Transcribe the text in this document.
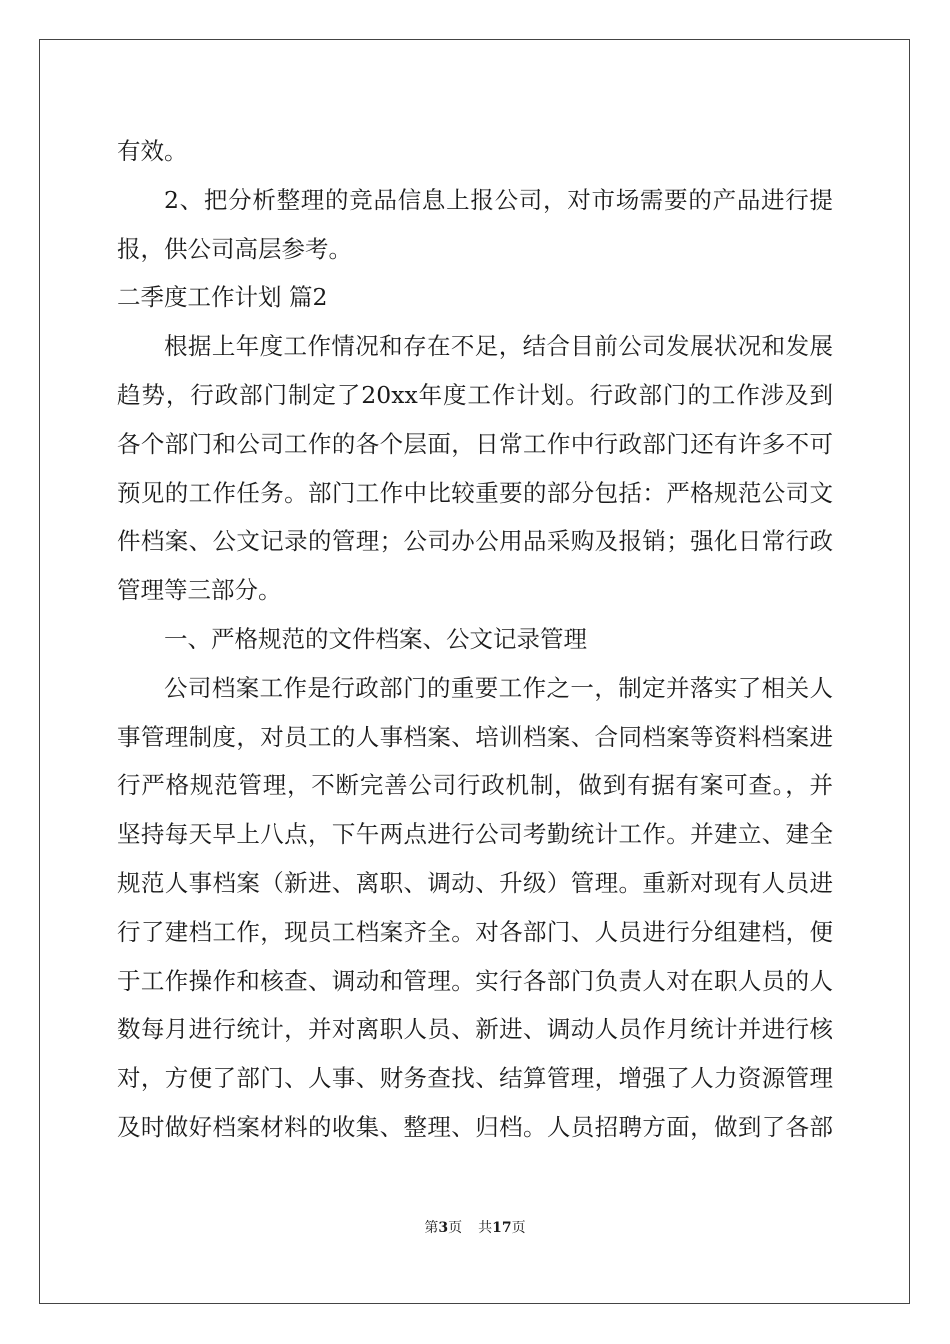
有效。
2、把分析整理的竞品信息上报公司，对市场需要的产品进行提
报，供公司高层参考。
二季度工作计划 篇2
根据上年度工作情况和存在不足，结合目前公司发展状况和发展
趋势，行政部门制定了20xx年度工作计划。行政部门的工作涉及到
各个部门和公司工作的各个层面，日常工作中行政部门还有许多不可
预见的工作任务。部门工作中比较重要的部分包括：严格规范公司文
件档案、公文记录的管理；公司办公用品采购及报销；强化日常行政
管理等三部分。
一、严格规范的文件档案、公文记录管理
公司档案工作是行政部门的重要工作之一，制定并落实了相关人
事管理制度，对员工的人事档案、培训档案、合同档案等资料档案进
行严格规范管理，不断完善公司行政机制，做到有据有案可查。，并
坚持每天早上八点，下午两点进行公司考勤统计工作。并建立、建全
规范人事档案（新进、离职、调动、升级）管理。重新对现有人员进
行了建档工作，现员工档案齐全。对各部门、人员进行分组建档，便
于工作操作和核查、调动和管理。实行各部门负责人对在职人员的人
数每月进行统计，并对离职人员、新进、调动人员作月统计并进行核
对，方便了部门、人事、财务查找、结算管理，增强了人力资源管理
及时做好档案材料的收集、整理、归档。人员招聘方面，做到了各部
第3页 共17页
